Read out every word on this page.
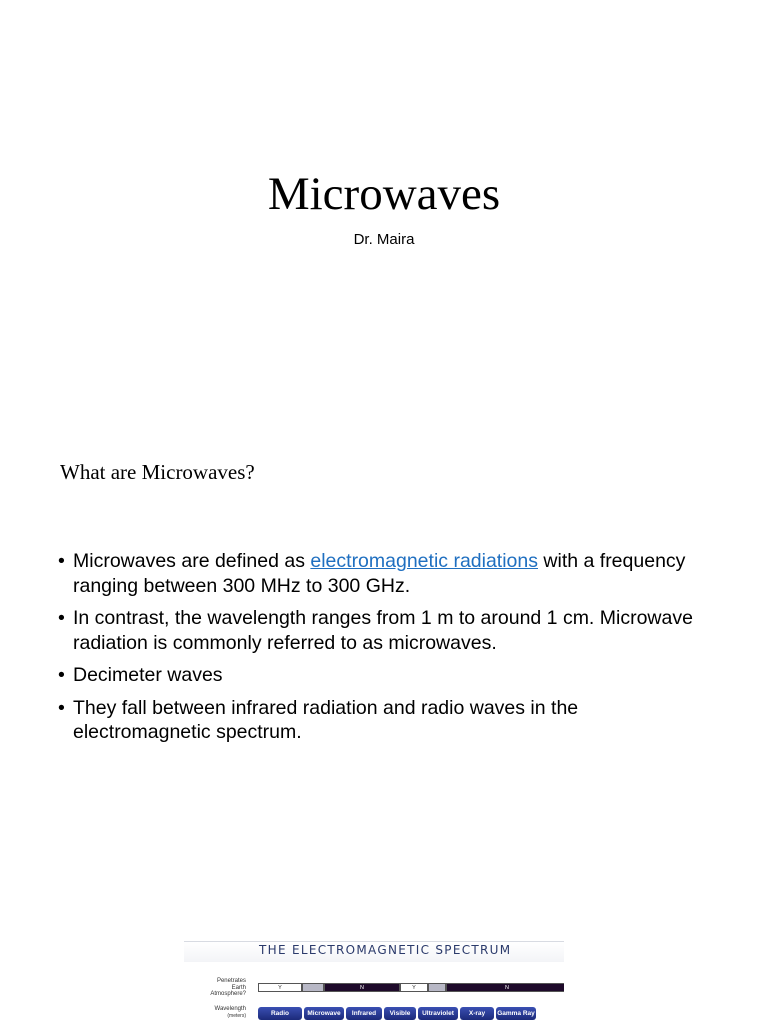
Microwaves
Dr. Maira
What are Microwaves?
• Microwaves are defined as electromagnetic radiations with a frequency ranging between 300 MHz to 300 GHz.
• In contrast, the wavelength ranges from 1 m to around 1 cm. Microwave radiation is commonly referred to as microwaves.
• Decimeter waves
• They fall between infrared radiation and radio waves in the electromagnetic spectrum.
THE ELECTROMAGNETIC SPECTRUM
Penetrates
Earth
Atmosphere?
Y	N	Y	N
Wavelength
(meters)	Radio	Microwave	Infrared	Visible	Ultraviolet	X-ray	Gamma Ray
